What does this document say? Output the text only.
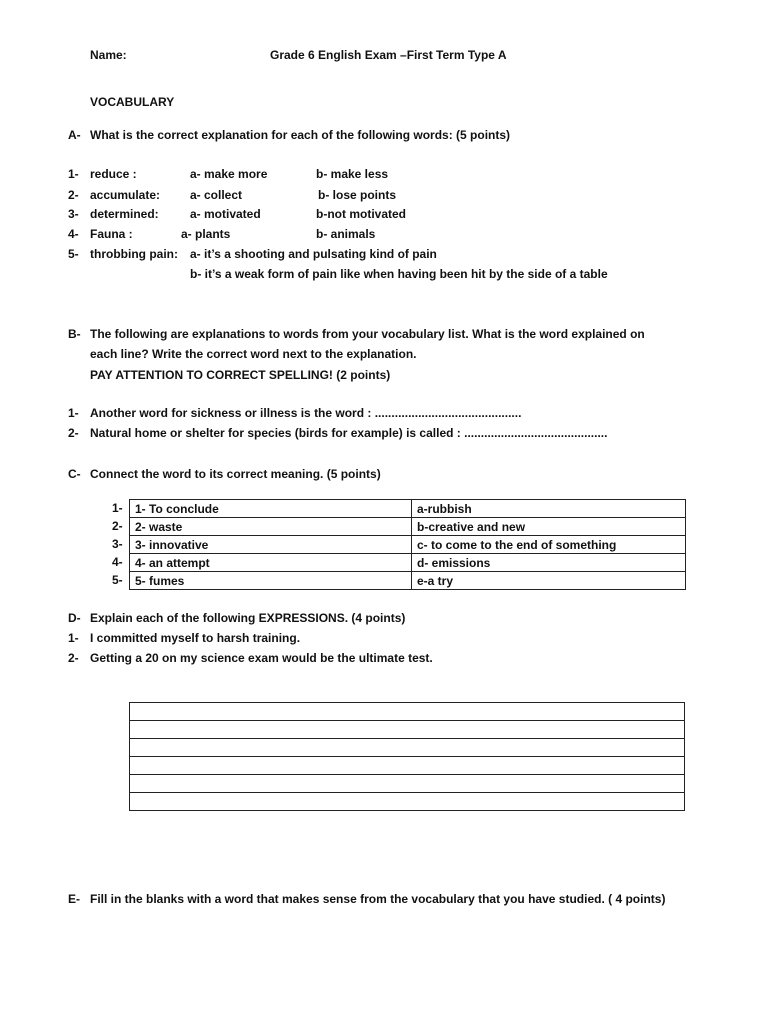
Name:	Grade 6 English Exam –First Term Type A
VOCABULARY
A- What is the correct explanation for each of the following words: (5 points)
1- reduce :	a- make more	b- make less
2- accumulate: a- collect	b- lose points
3- determined:	a- motivated	b-not motivated
4- Fauna :	a- plants	b- animals
5- throbbing pain: a- it’s a shooting and pulsating kind of pain
b- it’s a weak form of pain like when having been hit by the side of a table
B- The following are explanations to words from your vocabulary list. What is the word explained on
each line? Write the correct word next to the explanation.
PAY ATTENTION TO CORRECT SPELLING! (2 points)
1- Another word for sickness or illness is the word : ............................................
2- Natural home or shelter for species (birds for example) is called : ...........................................
C- Connect the word to its correct meaning. (5 points)
1-
2-
3-
4-
5-
1- To conclude	a-rubbish
2- waste	b-creative and new
3- innovative	c- to come to the end of something
4- an attempt	d- emissions
5- fumes	e-a try
D- Explain each of the following EXPRESSIONS. (4 points)
1- I committed myself to harsh training.
2- Getting a 20 on my science exam would be the ultimate test.
E- Fill in the blanks with a word that makes sense from the vocabulary that you have studied. ( 4 points)
